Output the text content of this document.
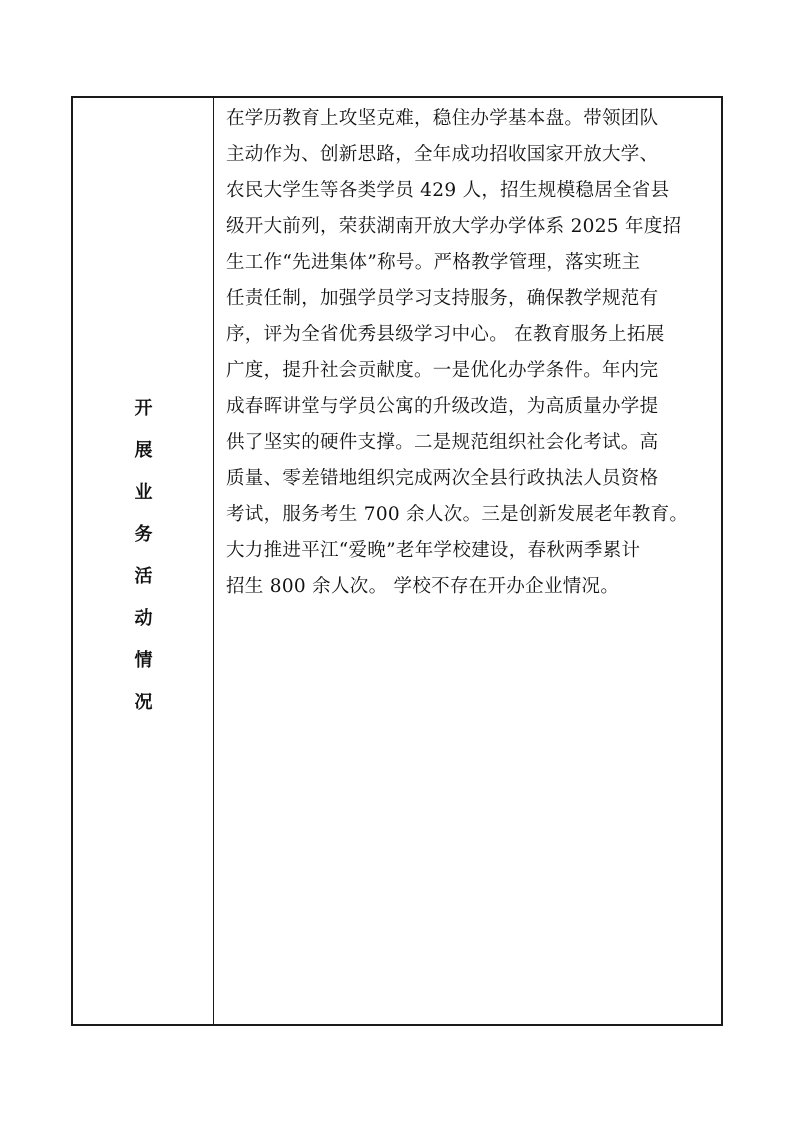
开
展
业
务
活
动
情
况
在学历教育上攻坚克难，稳住办学基本盘。带领团队
主动作为、创新思路，全年成功招收国家开放大学、
农民大学生等各类学员 429 人，招生规模稳居全省县
级开大前列，荣获湖南开放大学办学体系 2025 年度招
生工作“先进集体”称号。严格教学管理，落实班主
任责任制，加强学员学习支持服务，确保教学规范有
序，评为全省优秀县级学习中心。 在教育服务上拓展
广度，提升社会贡献度。一是优化办学条件。年内完
成春晖讲堂与学员公寓的升级改造，为高质量办学提
供了坚实的硬件支撑。二是规范组织社会化考试。高
质量、零差错地组织完成两次全县行政执法人员资格
考试，服务考生 700 余人次。三是创新发展老年教育。
大力推进平江“爱晚”老年学校建设，春秋两季累计
招生 800 余人次。 学校不存在开办企业情况。
